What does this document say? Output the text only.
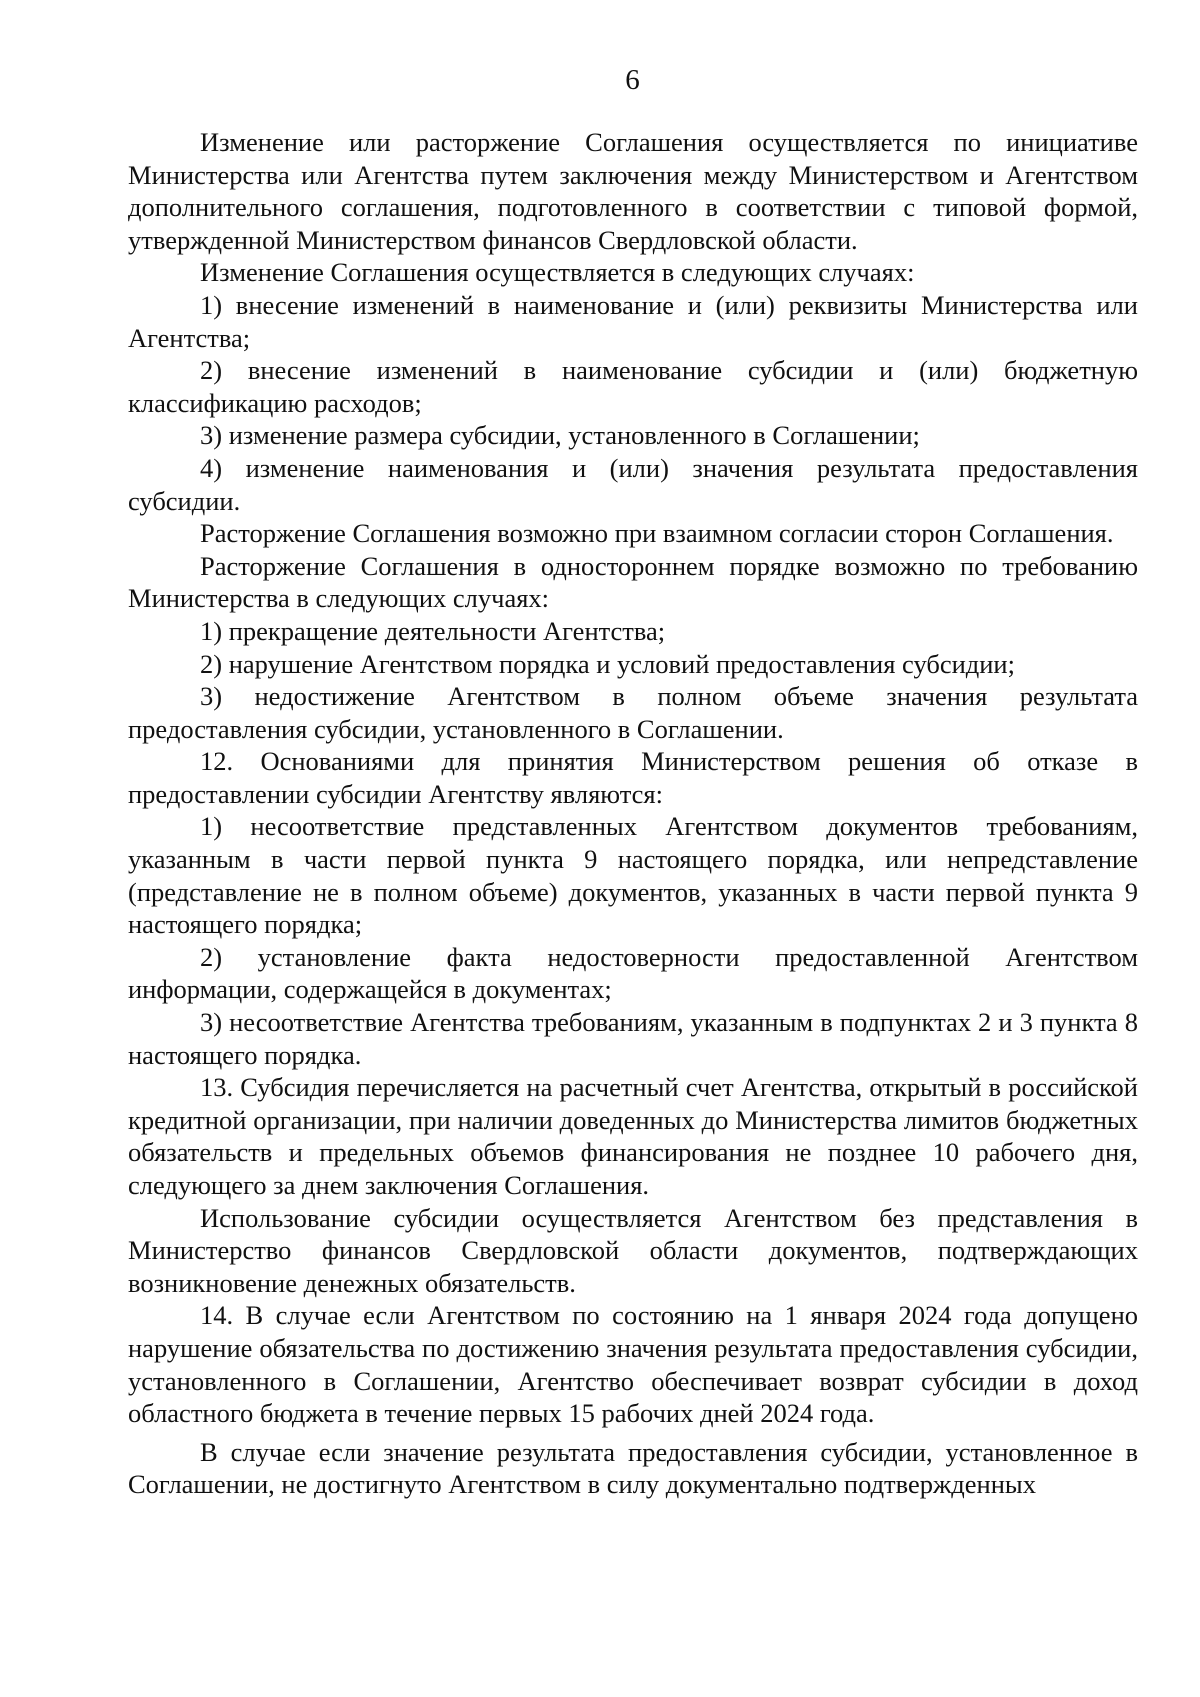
6

Изменение или расторжение Соглашения осуществляется по инициативе Министерства или Агентства путем заключения между Министерством и Агентством дополнительного соглашения, подготовленного в соответствии с типовой формой, утвержденной Министерством финансов Свердловской области.

Изменение Соглашения осуществляется в следующих случаях:

1) внесение изменений в наименование и (или) реквизиты Министерства или Агентства;

2) внесение изменений в наименование субсидии и (или) бюджетную классификацию расходов;

3) изменение размера субсидии, установленного в Соглашении;

4) изменение наименования и (или) значения результата предоставления субсидии.

Расторжение Соглашения возможно при взаимном согласии сторон Соглашения.

Расторжение Соглашения в одностороннем порядке возможно по требованию Министерства в следующих случаях:

1) прекращение деятельности Агентства;

2) нарушение Агентством порядка и условий предоставления субсидии;

3) недостижение Агентством в полном объеме значения результата предоставления субсидии, установленного в Соглашении.

12. Основаниями для принятия Министерством решения об отказе в предоставлении субсидии Агентству являются:

1) несоответствие представленных Агентством документов требованиям, указанным в части первой пункта 9 настоящего порядка, или непредставление (представление не в полном объеме) документов, указанных в части первой пункта 9 настоящего порядка;

2) установление факта недостоверности предоставленной Агентством информации, содержащейся в документах;

3) несоответствие Агентства требованиям, указанным в подпунктах 2 и 3 пункта 8 настоящего порядка.

13. Субсидия перечисляется на расчетный счет Агентства, открытый в российской кредитной организации, при наличии доведенных до Министерства лимитов бюджетных обязательств и предельных объемов финансирования не позднее 10 рабочего дня, следующего за днем заключения Соглашения.

Использование субсидии осуществляется Агентством без представления в Министерство финансов Свердловской области документов, подтверждающих возникновение денежных обязательств.

14. В случае если Агентством по состоянию на 1 января 2024 года допущено нарушение обязательства по достижению значения результата предоставления субсидии, установленного в Соглашении, Агентство обеспечивает возврат субсидии в доход областного бюджета в течение первых 15 рабочих дней 2024 года.

В случае если значение результата предоставления субсидии, установленное в Соглашении, не достигнуто Агентством в силу документально подтвержденных
